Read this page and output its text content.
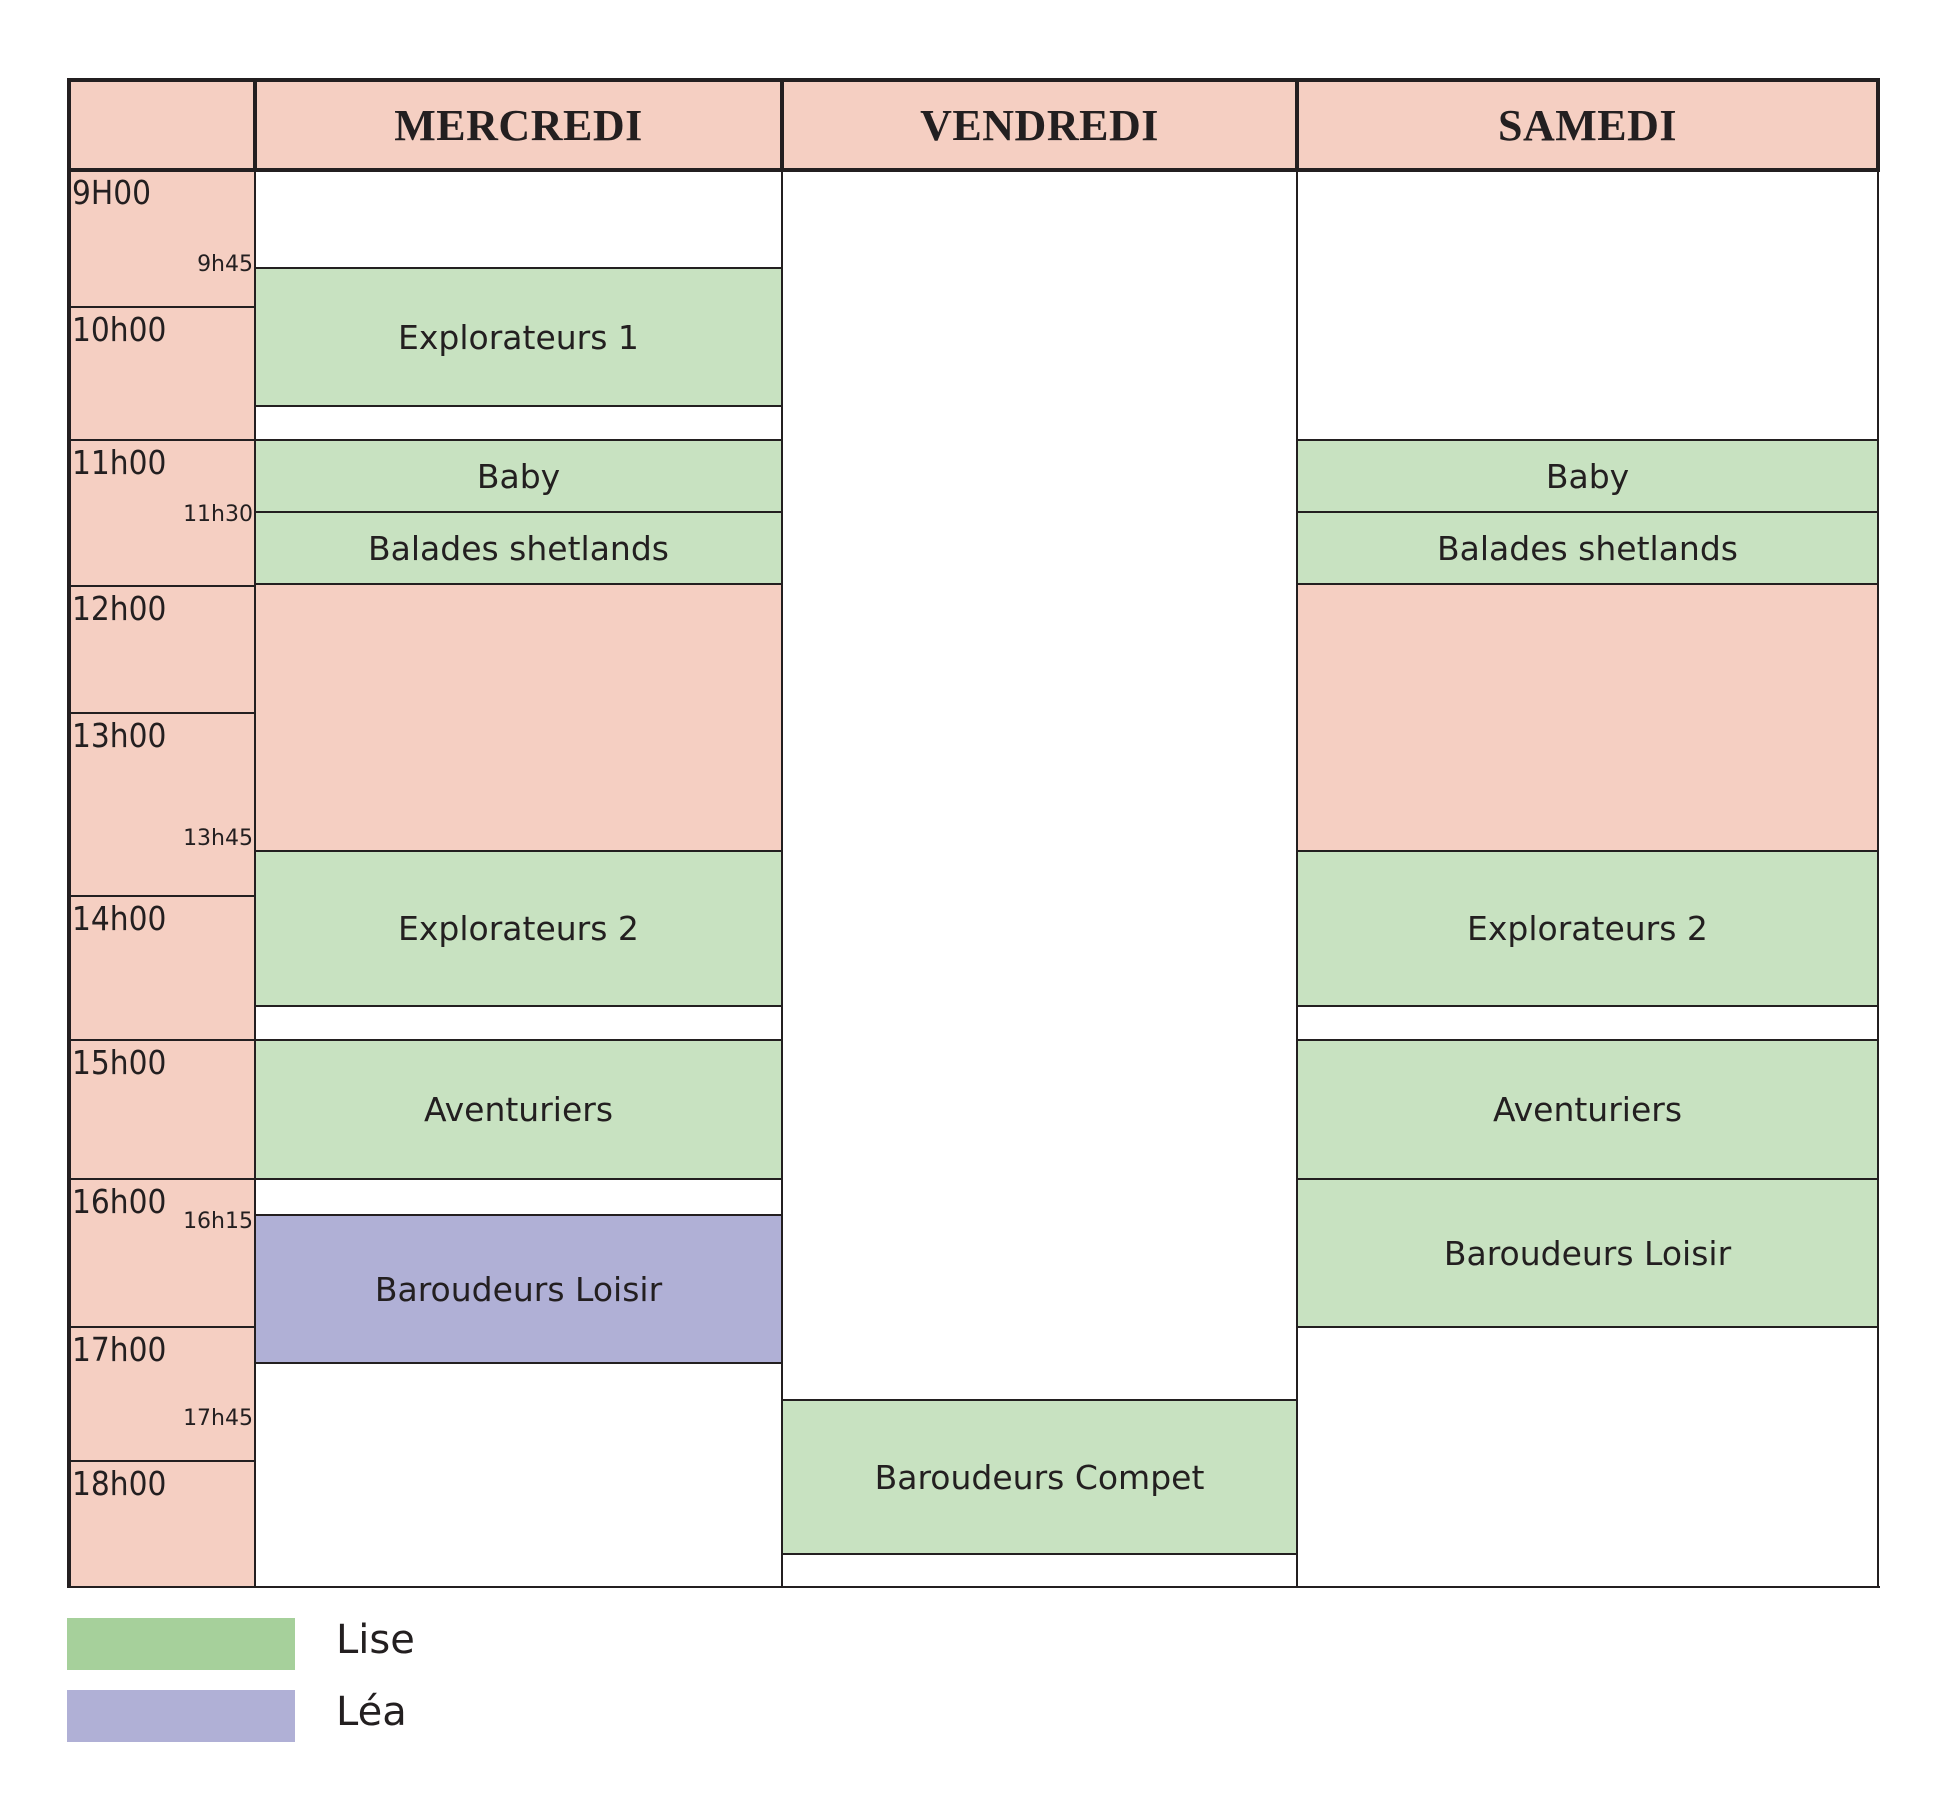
MERCREDI	VENDREDI	SAMEDI
9H00
10h00
11h00
12h00
13h00
14h00
15h00
16h00
17h00
18h00
9h45
11h30
13h45
16h15
17h45
Explorateurs 1
Baby
Balades shetlands
Explorateurs 2
Aventuriers
Baroudeurs Loisir
Baroudeurs Compet
Baby
Balades shetlands
Explorateurs 2
Aventuriers
Baroudeurs Loisir
Lise
Léa
